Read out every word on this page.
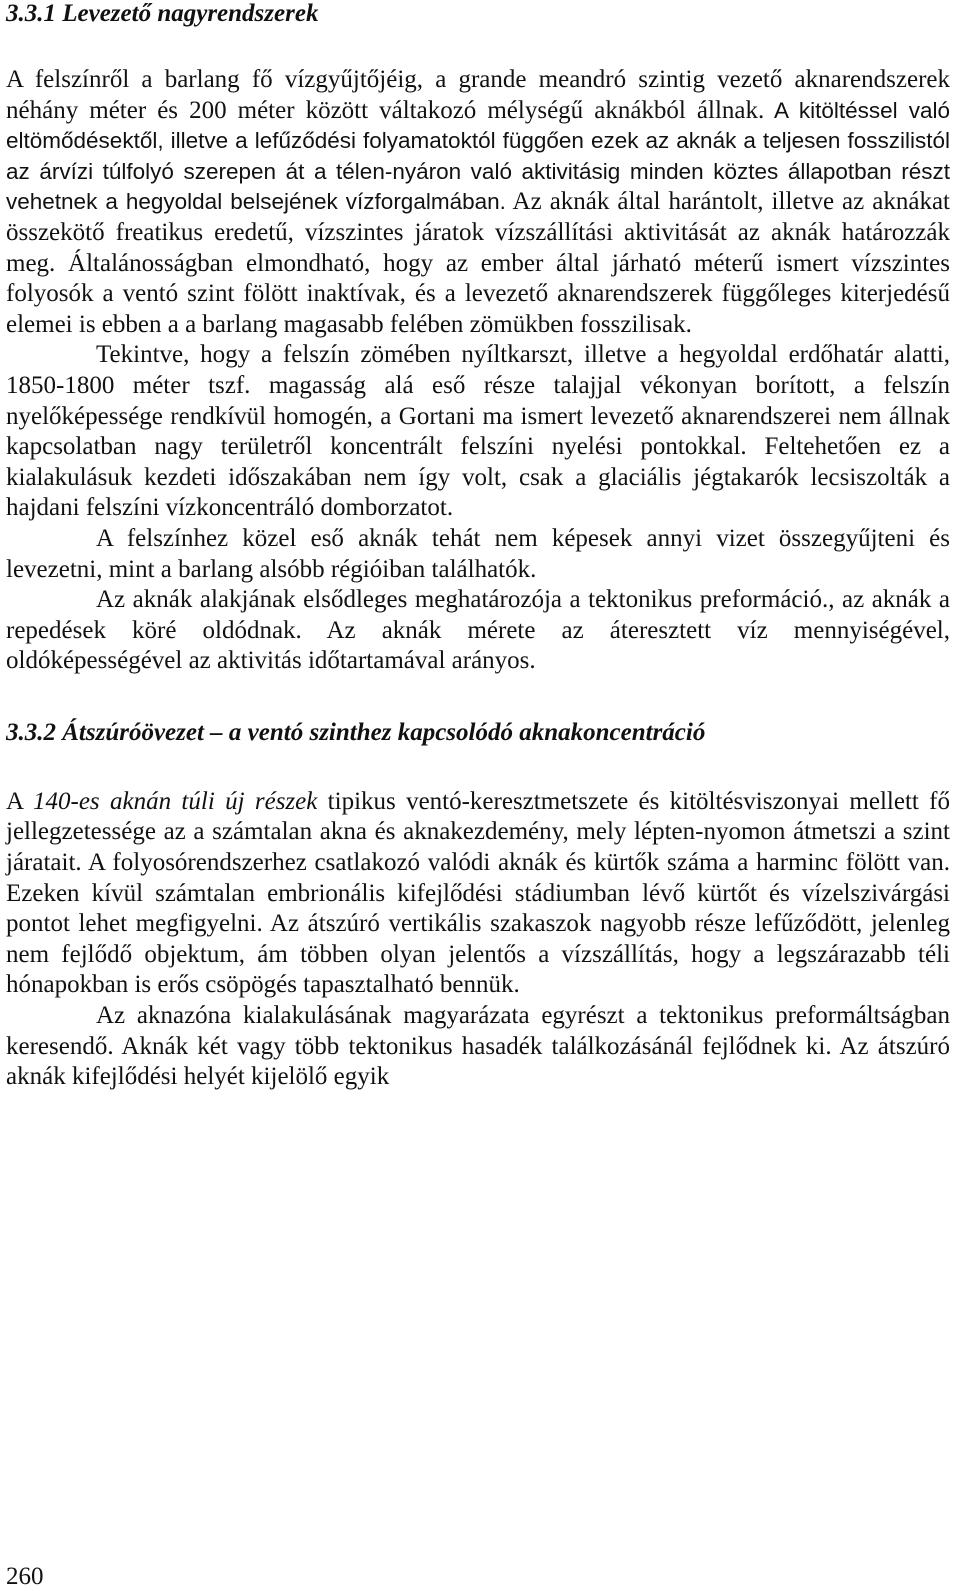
3.3.1 Levezető nagyrendszerek

A felszínről a barlang fő vízgyűjtőjéig, a grande meandró szintig vezető aknarendszerek néhány méter és 200 méter között váltakozó mélységű aknákból állnak. A kitöltéssel való eltömődésektől, illetve a lefűződési folyamatoktól függően ezek az aknák a teljesen fosszilistól az árvízi túlfolyó szerepen át a télen-nyáron való aktivitásig minden köztes állapotban részt vehetnek a hegyoldal belsejének vízforgalmában. Az aknák által harántolt, illetve az aknákat összekötő freatikus eredetű, vízszintes járatok vízszállítási aktivitását az aknák határozzák meg. Általánosságban elmondható, hogy az ember által járható méterű ismert vízszintes folyosók a ventó szint fölött inaktívak, és a levezető aknarendszerek függőleges kiterjedésű elemei is ebben a a barlang magasabb felében zömükben fosszilisak.

Tekintve, hogy a felszín zömében nyíltkarszt, illetve a hegyoldal erdőhatár alatti, 1850-1800 méter tszf. magasság alá eső része talajjal vékonyan borított, a felszín nyelőképessége rendkívül homogén, a Gortani ma ismert levezető aknarendszerei nem állnak kapcsolatban nagy területről koncentrált felszíni nyelési pontokkal. Feltehetően ez a kialakulásuk kezdeti időszakában nem így volt, csak a glaciális jégtakarók lecsiszolták a hajdani felszíni vízkoncentráló domborzatot.

A felszínhez közel eső aknák tehát nem képesek annyi vizet összegyűjteni és levezetni, mint a barlang alsóbb régióiban találhatók.

Az aknák alakjának elsődleges meghatározója a tektonikus preformáció., az aknák a repedések köré oldódnak. Az aknák mérete az áteresztett víz mennyiségével, oldóképességével az aktivitás időtartamával arányos.

3.3.2 Átszúróövezet – a ventó szinthez kapcsolódó aknakoncentráció

A 140-es aknán túli új részek tipikus ventó-keresztmetszete és kitöltésviszonyai mellett fő jellegzetessége az a számtalan akna és aknakezdemény, mely lépten-nyomon átmetszi a szint járatait. A folyosórendszerhez csatlakozó valódi aknák és kürtők száma a harminc fölött van. Ezeken kívül számtalan embrionális kifejlődési stádiumban lévő kürtőt és vízelszivárgási pontot lehet megfigyelni. Az átszúró vertikális szakaszok nagyobb része lefűződött, jelenleg nem fejlődő objektum, ám többen olyan jelentős a vízszállítás, hogy a legszárazabb téli hónapokban is erős csöpögés tapasztalható bennük.

Az aknazóna kialakulásának magyarázata egyrészt a tektonikus preformáltságban keresendő. Aknák két vagy több tektonikus hasadék találkozásánál fejlődnek ki. Az átszúró aknák kifejlődési helyét kijelölő egyik

260
